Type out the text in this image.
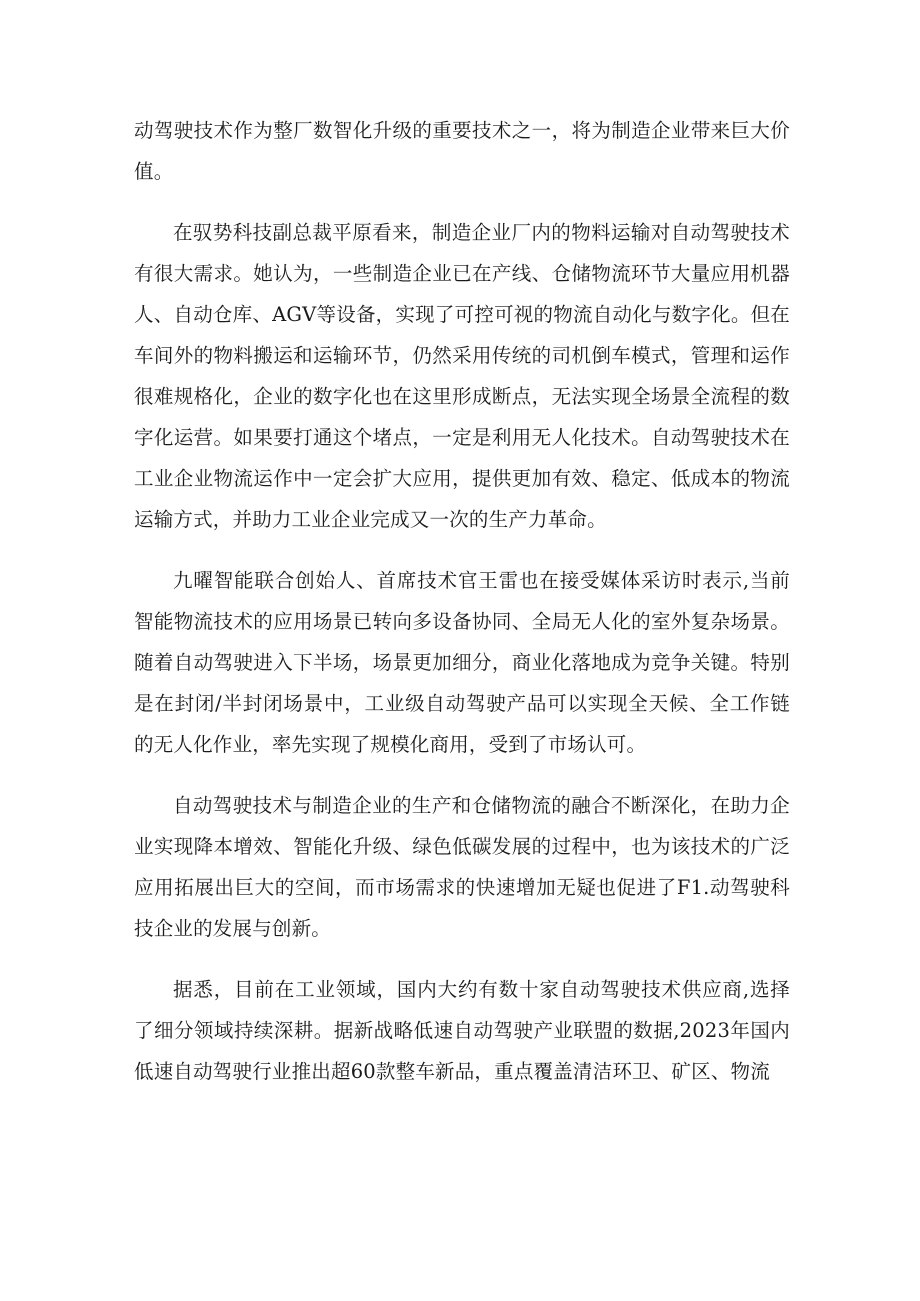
动驾驶技术作为整厂数智化升级的重要技术之一，将为制造企业带来巨大价值。

在驭势科技副总裁平原看来，制造企业厂内的物料运输对自动驾驶技术有很大需求。她认为，一些制造企业已在产线、仓储物流环节大量应用机器人、自动仓库、AGV等设备，实现了可控可视的物流自动化与数字化。但在车间外的物料搬运和运输环节，仍然采用传统的司机倒车模式，管理和运作很难规格化，企业的数字化也在这里形成断点，无法实现全场景全流程的数字化运营。如果要打通这个堵点，一定是利用无人化技术。自动驾驶技术在工业企业物流运作中一定会扩大应用，提供更加有效、稳定、低成本的物流运输方式，并助力工业企业完成又一次的生产力革命。

九曜智能联合创始人、首席技术官王雷也在接受媒体采访时表示,当前智能物流技术的应用场景已转向多设备协同、全局无人化的室外复杂场景。随着自动驾驶进入下半场，场景更加细分，商业化落地成为竞争关键。特别是在封闭/半封闭场景中，工业级自动驾驶产品可以实现全天候、全工作链的无人化作业，率先实现了规模化商用，受到了市场认可。

自动驾驶技术与制造企业的生产和仓储物流的融合不断深化，在助力企业实现降本增效、智能化升级、绿色低碳发展的过程中，也为该技术的广泛应用拓展出巨大的空间，而市场需求的快速增加无疑也促进了F1.动驾驶科技企业的发展与创新。

据悉，目前在工业领域，国内大约有数十家自动驾驶技术供应商,选择了细分领域持续深耕。据新战略低速自动驾驶产业联盟的数据,2023年国内低速自动驾驶行业推出超60款整车新品，重点覆盖清洁环卫、矿区、物流
